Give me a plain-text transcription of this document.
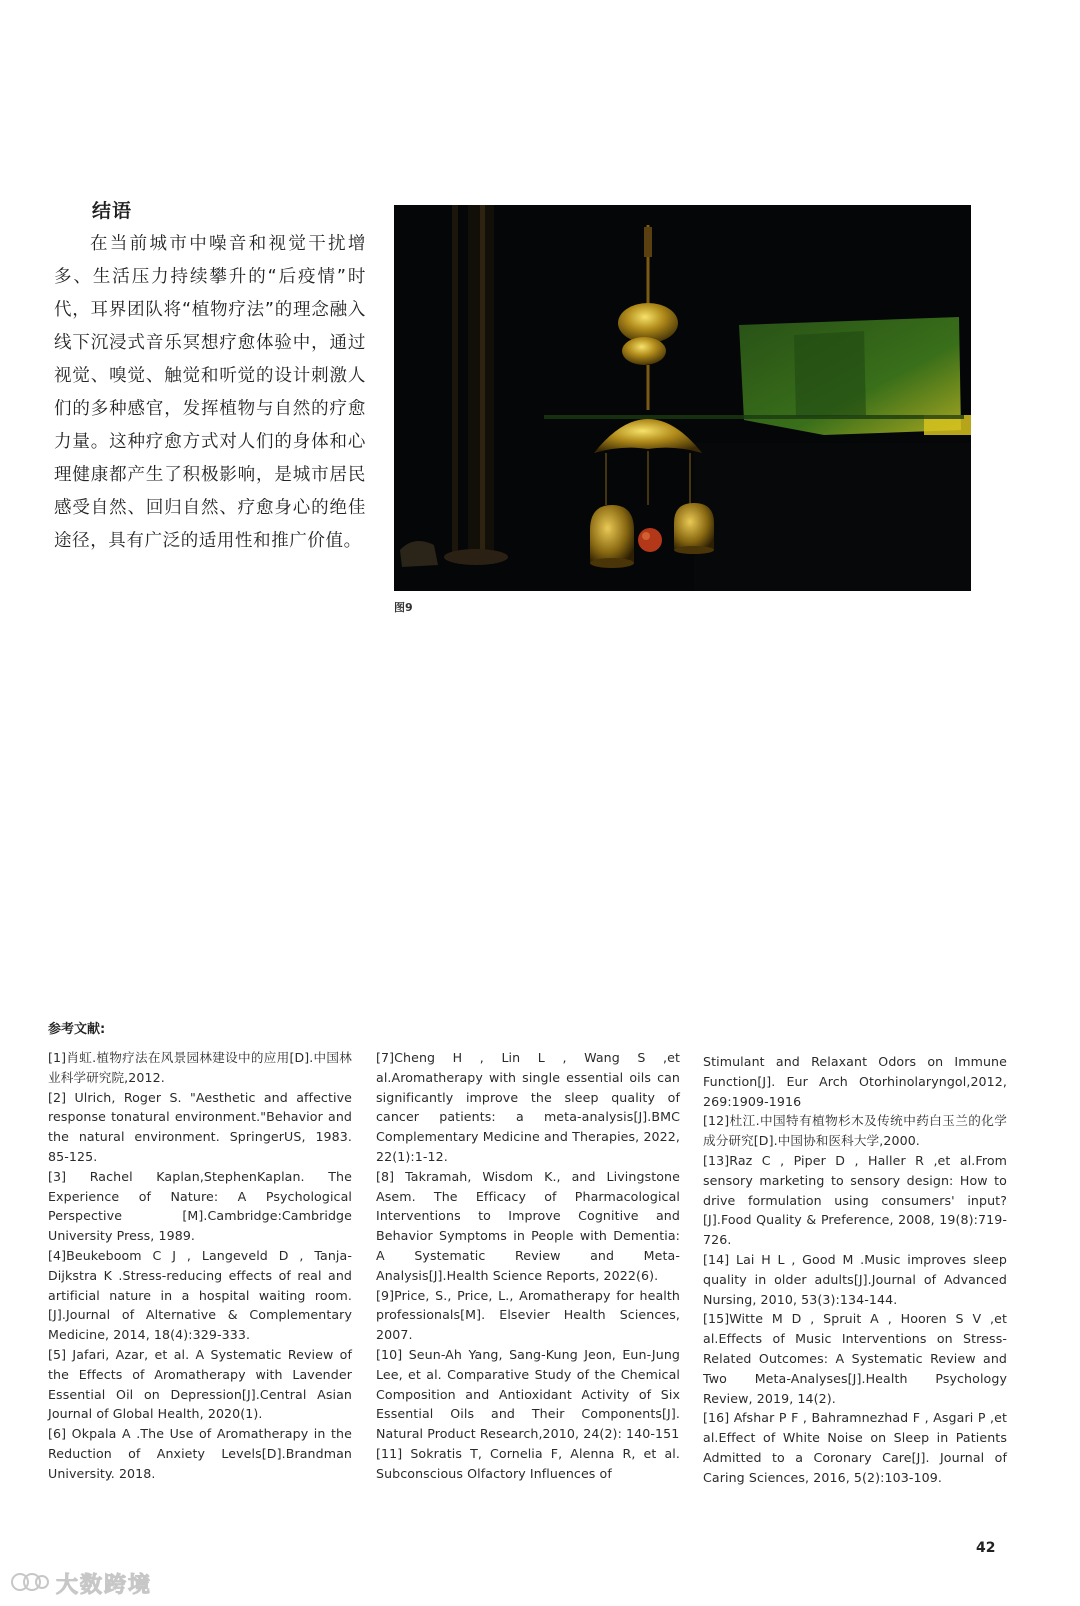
结语

在当前城市中噪音和视觉干扰增多、生活压力持续攀升的“后疫情”时代，耳界团队将“植物疗法”的理念融入线下沉浸式音乐冥想疗愈体验中，通过视觉、嗅觉、触觉和听觉的设计刺激人们的多种感官，发挥植物与自然的疗愈力量。这种疗愈方式对人们的身体和心理健康都产生了积极影响，是城市居民感受自然、回归自然、疗愈身心的绝佳途径，具有广泛的适用性和推广价值。

图9
参考文献:

[1]肖虹.植物疗法在风景园林建设中的应用[D].中国林业科学研究院,2012.

[2] Ulrich, Roger S. "Aesthetic and affective response tonatural environment."Behavior and the natural environment. SpringerUS, 1983. 85-125.

[3] Rachel Kaplan,StephenKaplan. The Experience of Nature: A Psychological Perspective [M].Cambridge:Cambridge University Press, 1989.

[4]Beukeboom C J , Langeveld D , Tanja-Dijkstra K .Stress-reducing effects of real and artificial nature in a hospital waiting room.[J].Journal of Alternative & Complementary Medicine, 2014, 18(4):329-333.

[5] Jafari, Azar, et al. A Systematic Review of the Effects of Aromatherapy with Lavender Essential Oil on Depression[J].Central Asian Journal of Global Health, 2020(1).

[6] Okpala A .The Use of Aromatherapy in the Reduction of Anxiety Levels[D].Brandman University. 2018.

[7]Cheng H , Lin L , Wang S ,et al.Aromatherapy with single essential oils can significantly improve the sleep quality of cancer patients: a meta-analysis[J].BMC Complementary Medicine and Therapies, 2022, 22(1):1-12.

[8] Takramah, Wisdom K., and Livingstone Asem. The Efficacy of Pharmacological Interventions to Improve Cognitive and Behavior Symptoms in People with Dementia: A Systematic Review and Meta-Analysis[J].Health Science Reports, 2022(6).

[9]Price, S., Price, L., Aromatherapy for health professionals[M]. Elsevier Health Sciences, 2007.

[10] Seun-Ah Yang, Sang-Kung Jeon, Eun-Jung Lee, et al. Comparative Study of the Chemical Composition and Antioxidant Activity of Six Essential Oils and Their Components[J]. Natural Product Research,2010, 24(2): 140-151

[11] Sokratis T, Cornelia F, Alenna R, et al. Subconscious Olfactory Influences of

Stimulant and Relaxant Odors on Immune Function[J]. Eur Arch Otorhinolaryngol,2012, 269:1909-1916

[12]杜江.中国特有植物杉木及传统中药白玉兰的化学成分研究[D].中国协和医科大学,2000.

[13]Raz C , Piper D , Haller R ,et al.From sensory marketing to sensory design: How to drive formulation using consumers' input?[J].Food Quality & Preference, 2008, 19(8):719-726.

[14] Lai H L , Good M .Music improves sleep quality in older adults[J].Journal of Advanced Nursing, 2010, 53(3):134-144.

[15]Witte M D , Spruit A , Hooren S V ,et al.Effects of Music Interventions on Stress-Related Outcomes: A Systematic Review and Two Meta-Analyses[J].Health Psychology Review, 2019, 14(2).

[16] Afshar P F , Bahramnezhad F , Asgari P ,et al.Effect of White Noise on Sleep in Patients Admitted to a Coronary Care[J]. Journal of Caring Sciences, 2016, 5(2):103-109.

42
大数跨境
